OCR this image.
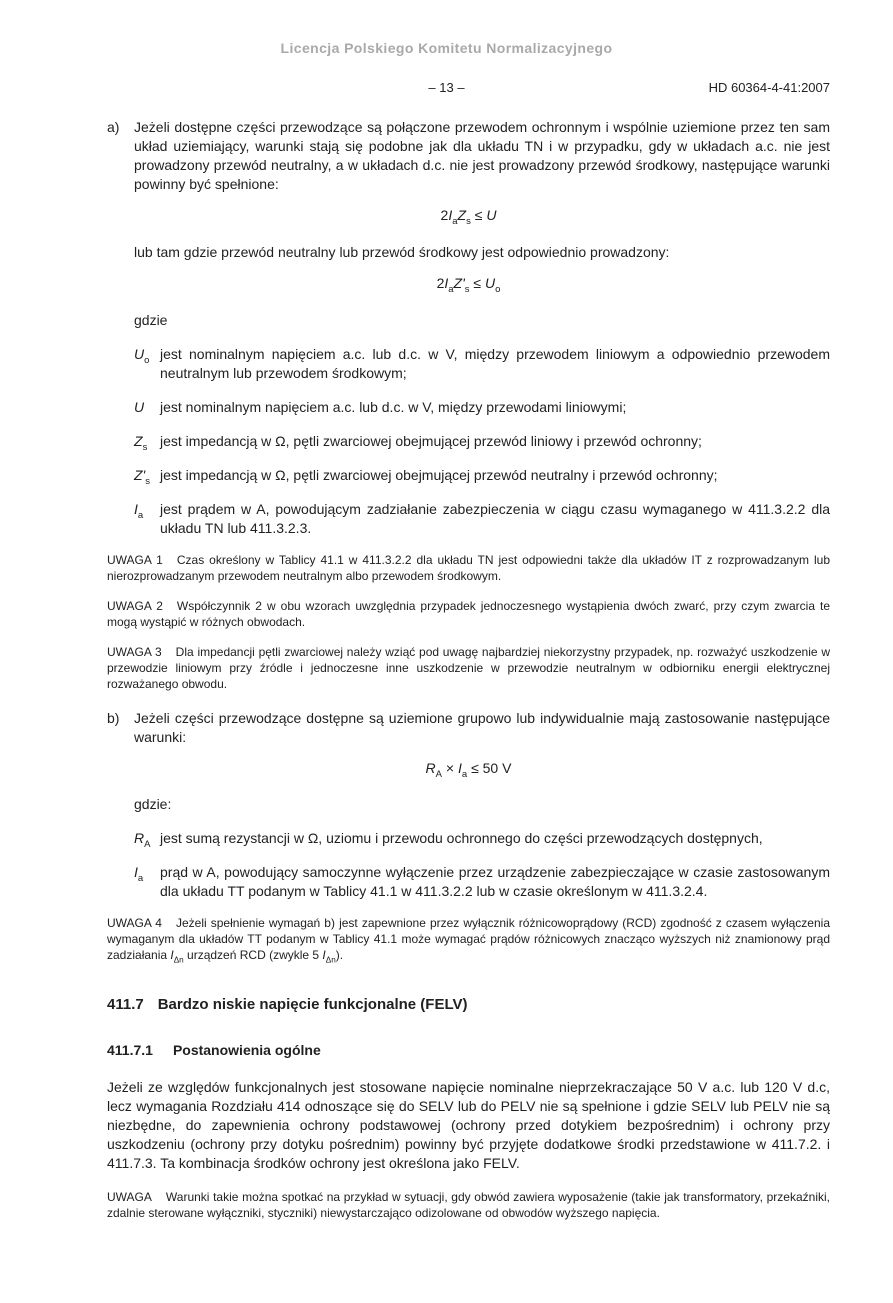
Licencja Polskiego Komitetu Normalizacyjnego
– 13 –	HD 60364-4-41:2007

a) Jeżeli dostępne części przewodzące są połączone przewodem ochronnym i wspólnie uziemione przez ten sam układ uziemiający, warunki stają się podobne jak dla układu TN i w przypadku, gdy w układach a.c. nie jest prowadzony przewód neutralny, a w układach d.c. nie jest prowadzony przewód środkowy, następujące warunki powinny być spełnione:

$2I_aZ_s \le U$

lub tam gdzie przewód neutralny lub przewód środkowy jest odpowiednio prowadzony:

$2I_aZ'_s \le U_o$

gdzie

$U_o$ jest nominalnym napięciem a.c. lub d.c. w V, między przewodem liniowym a odpowiednio przewodem neutralnym lub przewodem środkowym;
U jest nominalnym napięciem a.c. lub d.c. w V, między przewodami liniowymi;
$Z_s$ jest impedancją w Ω, pętli zwarciowej obejmującej przewód liniowy i przewód ochronny;
$Z'_s$ jest impedancją w Ω, pętli zwarciowej obejmującej przewód neutralny i przewód ochronny;
$I_a$ jest prądem w A, powodującym zadziałanie zabezpieczenia w ciągu czasu wymaganego w 411.3.2.2 dla układu TN lub 411.3.2.3.

UWAGA 1 Czas określony w Tablicy 41.1 w 411.3.2.2 dla układu TN jest odpowiedni także dla układów IT z rozprowadzanym lub nierozprowadzanym przewodem neutralnym albo przewodem środkowym.

UWAGA 2 Współczynnik 2 w obu wzorach uwzględnia przypadek jednoczesnego wystąpienia dwóch zwarć, przy czym zwarcia te mogą wystąpić w różnych obwodach.

UWAGA 3 Dla impedancji pętli zwarciowej należy wziąć pod uwagę najbardziej niekorzystny przypadek, np. rozważyć uszkodzenie w przewodzie liniowym przy źródle i jednoczesne inne uszkodzenie w przewodzie neutralnym w odbiorniku energii elektrycznej rozważanego obwodu.

b) Jeżeli części przewodzące dostępne są uziemione grupowo lub indywidualnie mają zastosowanie następujące warunki:

$R_A \times I_a \le 50$ V

gdzie:

$R_A$ jest sumą rezystancji w Ω, uziomu i przewodu ochronnego do części przewodzących dostępnych,
$I_a$ prąd w A, powodujący samoczynne wyłączenie przez urządzenie zabezpieczające w czasie zastosowanym dla układu TT podanym w Tablicy 41.1 w 411.3.2.2 lub w czasie określonym w 411.3.2.4.

UWAGA 4 Jeżeli spełnienie wymagań b) jest zapewnione przez wyłącznik różnicowoprądowy (RCD) zgodność z czasem wyłączenia wymaganym dla układów TT podanym w Tablicy 41.1 może wymagać prądów różnicowych znacząco wyższych niż znamionowy prąd zadziałania $I_{\Delta n}$ urządzeń RCD (zwykle 5 $I_{\Delta n}$).

411.7 Bardzo niskie napięcie funkcjonalne (FELV)
411.7.1 Postanowienia ogólne

Jeżeli ze względów funkcjonalnych jest stosowane napięcie nominalne nieprzekraczające 50 V a.c. lub 120 V d.c, lecz wymagania Rozdziału 414 odnoszące się do SELV lub do PELV nie są spełnione i gdzie SELV lub PELV nie są niezbędne, do zapewnienia ochrony podstawowej (ochrony przed dotykiem bezpośrednim) i ochrony przy uszkodzeniu (ochrony przy dotyku pośrednim) powinny być przyjęte dodatkowe środki przedstawione w 411.7.2. i 411.7.3. Ta kombinacja środków ochrony jest określona jako FELV.

UWAGA Warunki takie można spotkać na przykład w sytuacji, gdy obwód zawiera wyposażenie (takie jak transformatory, przekaźniki, zdalnie sterowane wyłączniki, styczniki) niewystarczająco odizolowane od obwodów wyższego napięcia.
